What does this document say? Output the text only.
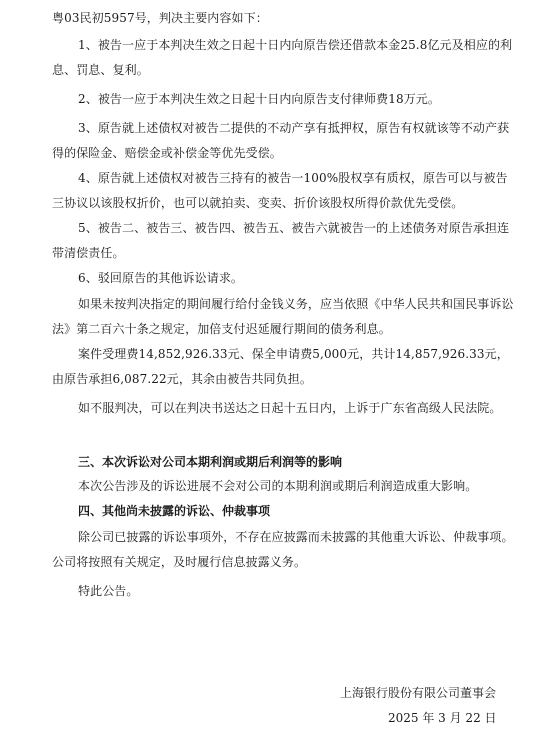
粤03民初5957号，判决主要内容如下：

1、被告一应于本判决生效之日起十日内向原告偿还借款本金25.8亿元及相应的利息、罚息、复利。

2、被告一应于本判决生效之日起十日内向原告支付律师费18万元。

3、原告就上述债权对被告二提供的不动产享有抵押权，原告有权就该等不动产获得的保险金、赔偿金或补偿金等优先受偿。

4、原告就上述债权对被告三持有的被告一100%股权享有质权，原告可以与被告三协议以该股权折价，也可以就拍卖、变卖、折价该股权所得价款优先受偿。

5、被告二、被告三、被告四、被告五、被告六就被告一的上述债务对原告承担连带清偿责任。

6、驳回原告的其他诉讼请求。

如果未按判决指定的期间履行给付金钱义务，应当依照《中华人民共和国民事诉讼法》第二百六十条之规定，加倍支付迟延履行期间的债务利息。

案件受理费14,852,926.33元、保全申请费5,000元，共计14,857,926.33元，由原告承担6,087.22元，其余由被告共同负担。

如不服判决，可以在判决书送达之日起十五日内，上诉于广东省高级人民法院。

三、本次诉讼对公司本期利润或期后利润等的影响

本次公告涉及的诉讼进展不会对公司的本期利润或期后利润造成重大影响。

四、其他尚未披露的诉讼、仲裁事项

除公司已披露的诉讼事项外，不存在应披露而未披露的其他重大诉讼、仲裁事项。公司将按照有关规定，及时履行信息披露义务。

特此公告。

上海银行股份有限公司董事会

2025 年 3 月 22 日
